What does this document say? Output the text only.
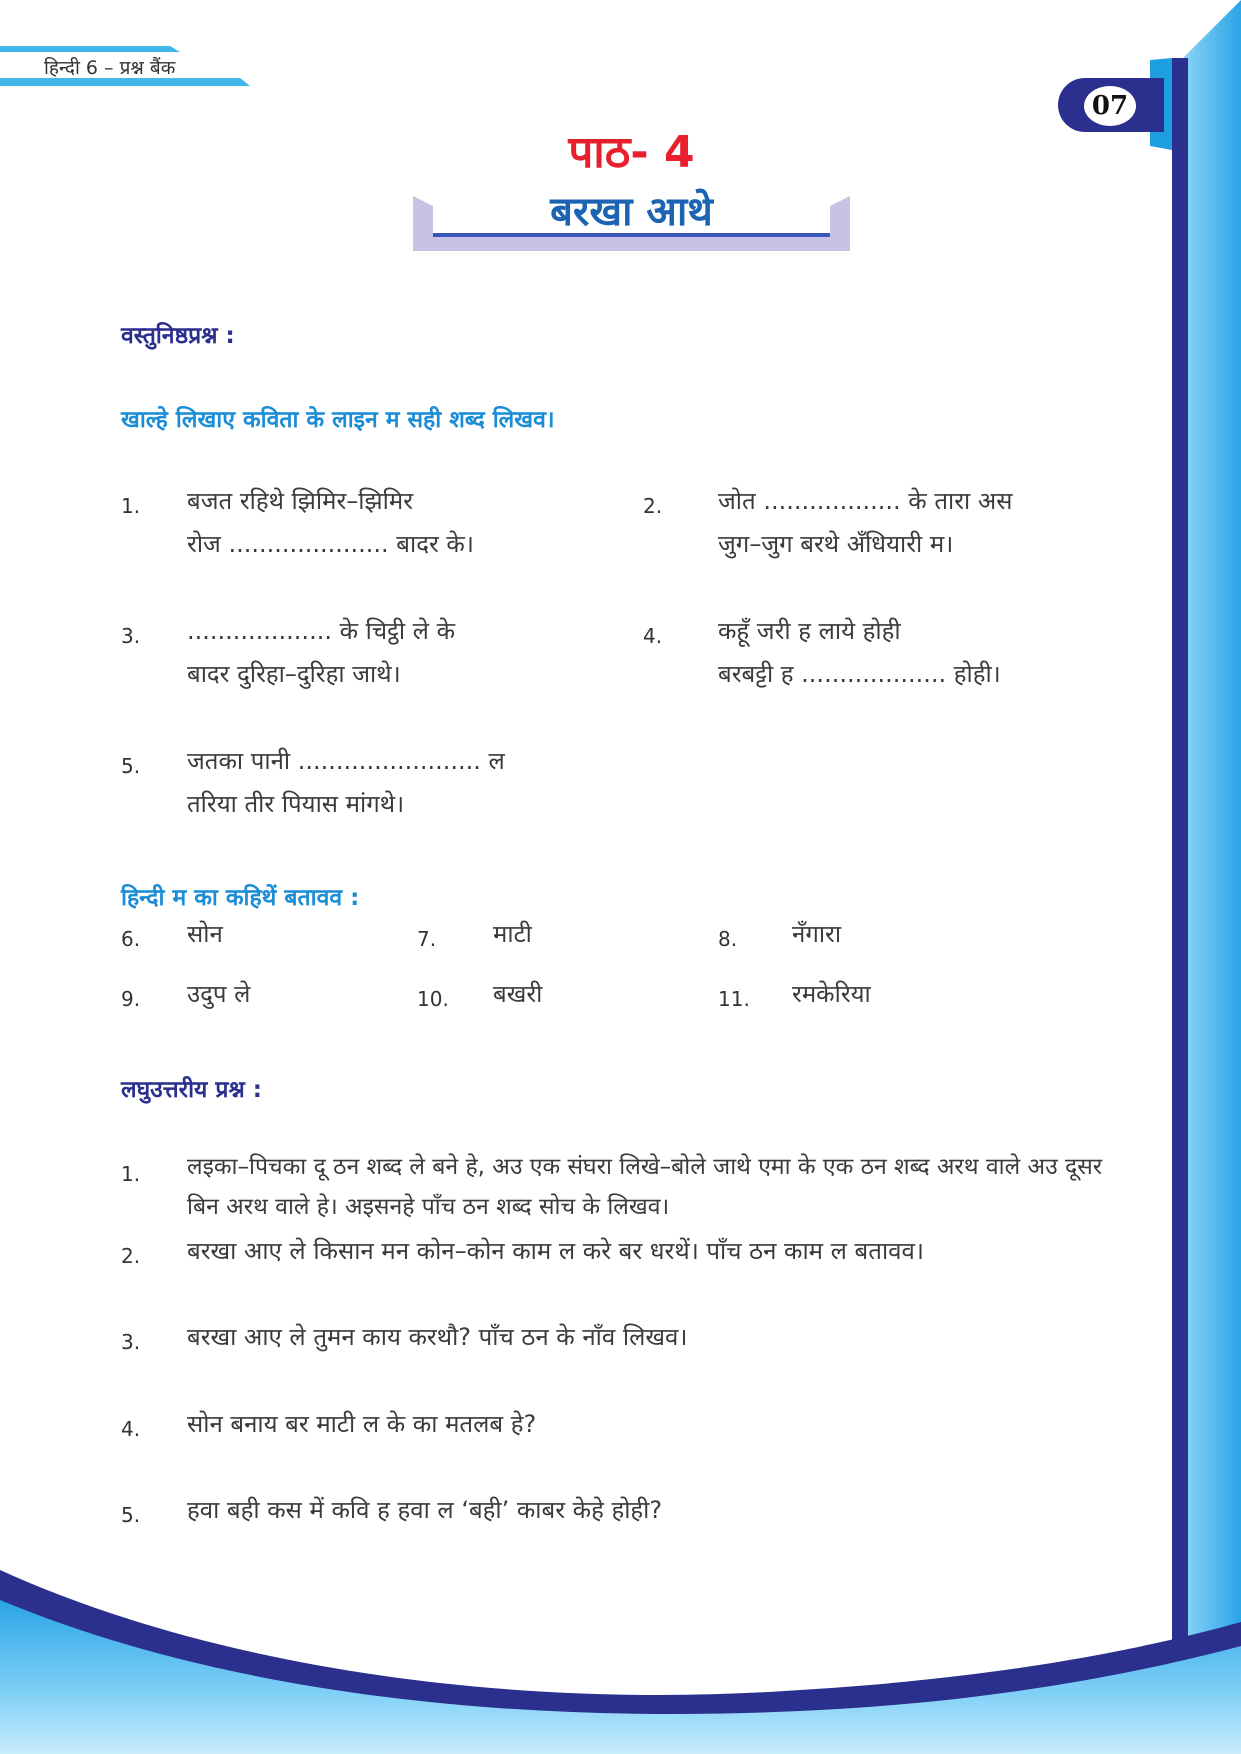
हिन्दी 6 – प्रश्न बैंक
07
पाठ- 4
बरखा आथे
वस्तुनिष्ठप्रश्न :
खाल्हे लिखाए कविता के लाइन म सही शब्द लिखव।
1. बजत रहिथे झिमिर–झिमिर
रोज ..................... बादर के।
2. जोत .................. के तारा अस
जुग–जुग बरथे अँधियारी म।
3. ................... के चिट्ठी ले के
बादर दुरिहा–दुरिहा जाथे।
4. कहूँ जरी ह लाये होही
बरबट्टी ह ................... होही।
5. जतका पानी ........................ ल
तरिया तीर पियास मांगथे।
हिन्दी म का कहिथें बतावव :
6. सोन	7. माटी	8. नँगारा
9. उदुप ले	10. बखरी	11. रमकेरिया
लघुउत्तरीय प्रश्न :
1. लइका–पिचका दू ठन शब्द ले बने हे, अउ एक संघरा लिखे–बोले जाथे एमा के एक ठन शब्द अरथ वाले अउ दूसर बिन अरथ वाले हे। अइसनहे पाँच ठन शब्द सोच के लिखव।
2. बरखा आए ले किसान मन कोन–कोन काम ल करे बर धरथें। पाँच ठन काम ल बतावव।
3. बरखा आए ले तुमन काय करथौ? पाँच ठन के नाँव लिखव।
4. सोन बनाय बर माटी ल के का मतलब हे?
5. हवा बही कस में कवि ह हवा ल ‘बही’ काबर केहे होही?
